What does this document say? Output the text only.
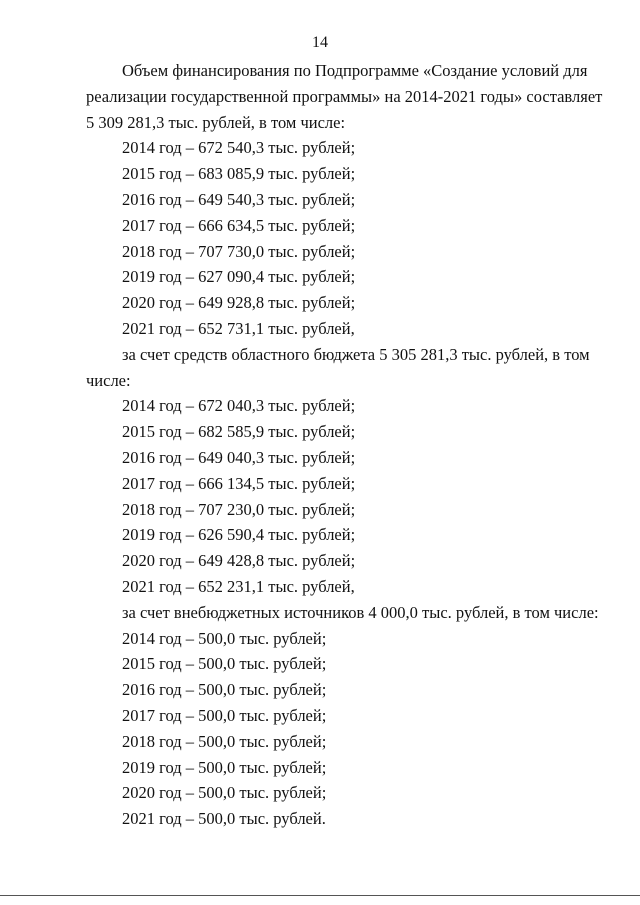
14
Объем финансирования по Подпрограмме «Создание условий для
реализации государственной программы» на 2014-2021 годы» составляет
5 309 281,3 тыс. рублей, в том числе:
2014 год – 672 540,3 тыс. рублей;
2015 год – 683 085,9 тыс. рублей;
2016 год – 649 540,3 тыс. рублей;
2017 год – 666 634,5 тыс. рублей;
2018 год – 707 730,0 тыс. рублей;
2019 год – 627 090,4 тыс. рублей;
2020 год – 649 928,8 тыс. рублей;
2021 год – 652 731,1 тыс. рублей,
за счет средств областного бюджета 5 305 281,3 тыс. рублей, в том
числе:
2014 год – 672 040,3 тыс. рублей;
2015 год – 682 585,9 тыс. рублей;
2016 год – 649 040,3 тыс. рублей;
2017 год – 666 134,5 тыс. рублей;
2018 год – 707 230,0 тыс. рублей;
2019 год – 626 590,4 тыс. рублей;
2020 год – 649 428,8 тыс. рублей;
2021 год – 652 231,1 тыс. рублей,
за счет внебюджетных источников 4 000,0 тыс. рублей, в том числе:
2014 год – 500,0 тыс. рублей;
2015 год – 500,0 тыс. рублей;
2016 год – 500,0 тыс. рублей;
2017 год – 500,0 тыс. рублей;
2018 год – 500,0 тыс. рублей;
2019 год – 500,0 тыс. рублей;
2020 год – 500,0 тыс. рублей;
2021 год – 500,0 тыс. рублей.
